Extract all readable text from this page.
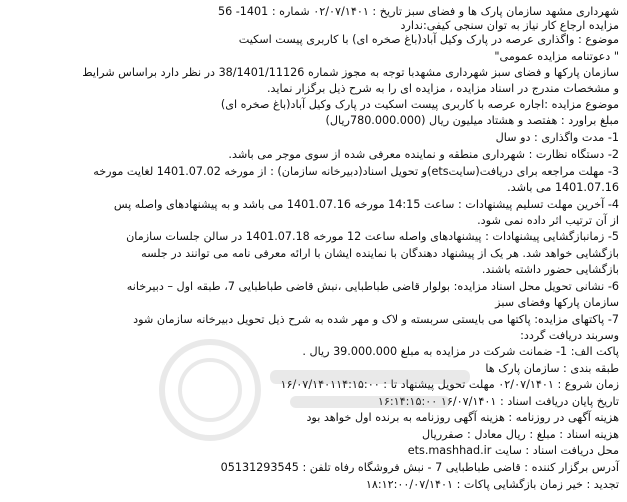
شهرداری مشهد سازمان پارک ها و فضای سبز تاریخ : ۰۲/۰۷/۱۴۰۱ شماره : 1401- 56
مزایده ارجاع کار نیاز به توان سنجی کیفی:ندارد
موضوع : واگذاری عرصه در پارک وکیل آباد(باغ صخره ای) با کاربری پیست اسکیت
" دعوتنامه مزایده عمومی"
سازمان پارکها و فضای سبز شهرداری مشهدبا توجه به مجوز شماره 38/1401/11126 در نظر دارد براساس شرایط
و مشخصات مندرج در اسناد مزایده ، مزایده ای را به شرح ذیل برگزار نماید.
موضوع مزایده :اجاره عرصه با کاربری پیست اسکیت در پارک وکیل آباد(باغ صخره ای)
مبلغ براورد : هفتصد و هشتاد میلیون ریال (780.000.000ریال)
1- مدت واگذاری : دو سال
2- دستگاه نظارت : شهرداری منطقه و نماینده معرفی شده از سوی موجر می باشد.
3- مهلت مراجعه برای دریافت(سایتets)و تحویل اسناد(دبیرخانه سازمان) : از مورخه 1401.07.02 لغایت مورخه
1401.07.16 می باشد.
4- آخرین مهلت تسلیم پیشنهادات : ساعت 14:15 مورخه 1401.07.16 می باشد و به پیشنهادهای واصله پس
از آن ترتیب اثر داده نمی شود.
5- زمانبازگشایی پیشنهادات : پیشنهادهای واصله ساعت 12 مورخه 1401.07.18 در سالن جلسات سازمان
بازگشایی خواهد شد. هر یک از پیشنهاد دهندگان با نماینده ایشان با ارائه معرفی نامه می توانند در جلسه
بازگشایی حضور داشته باشند.
6- نشانی تحویل محل اسناد مزایده: بولوار قاضی طباطبایی ،نبش قاضی طباطبایی 7، طبقه اول – دبیرخانه
سازمان پارکها وفضای سبز
7- پاکتهای مزایده: پاکتها می بایستی سربسته و لاک و مهر شده به شرح ذیل تحویل دبیرخانه سازمان شود
وسربند دریافت گردد:
پاکت الف: 1- ضمانت شرکت در مزایده به مبلغ 39.000.000 ریال .
طبقه بندی : سازمان پارک ها
زمان شروع : ۰۲/۰۷/۱۴۰۱ مهلت تحویل پیشنهاد تا : ۱۶/۰۷/۱۴۰۱۱۴:۱۵:۰۰
تاریخ پایان دریافت اسناد : ۱۶/۰۷/۱۴۰۱ ۱۶:۱۴:۱۵:۰۰
هزینه آگهی در روزنامه : هزینه آگهی روزنامه به برنده اول خواهد بود
هزینه اسناد : مبلغ : ریال معادل : صفرریال
محل دریافت اسناد : سایت ets.mashhad.ir
آدرس برگزار کننده : قاضی طباطبایی 7 - نبش فروشگاه رفاه تلفن : 05131293545
تجدید : خیر زمان بازگشایی پاکات : ۱۸:۱۲:۰۰/۰۷/۱۴۰۱
